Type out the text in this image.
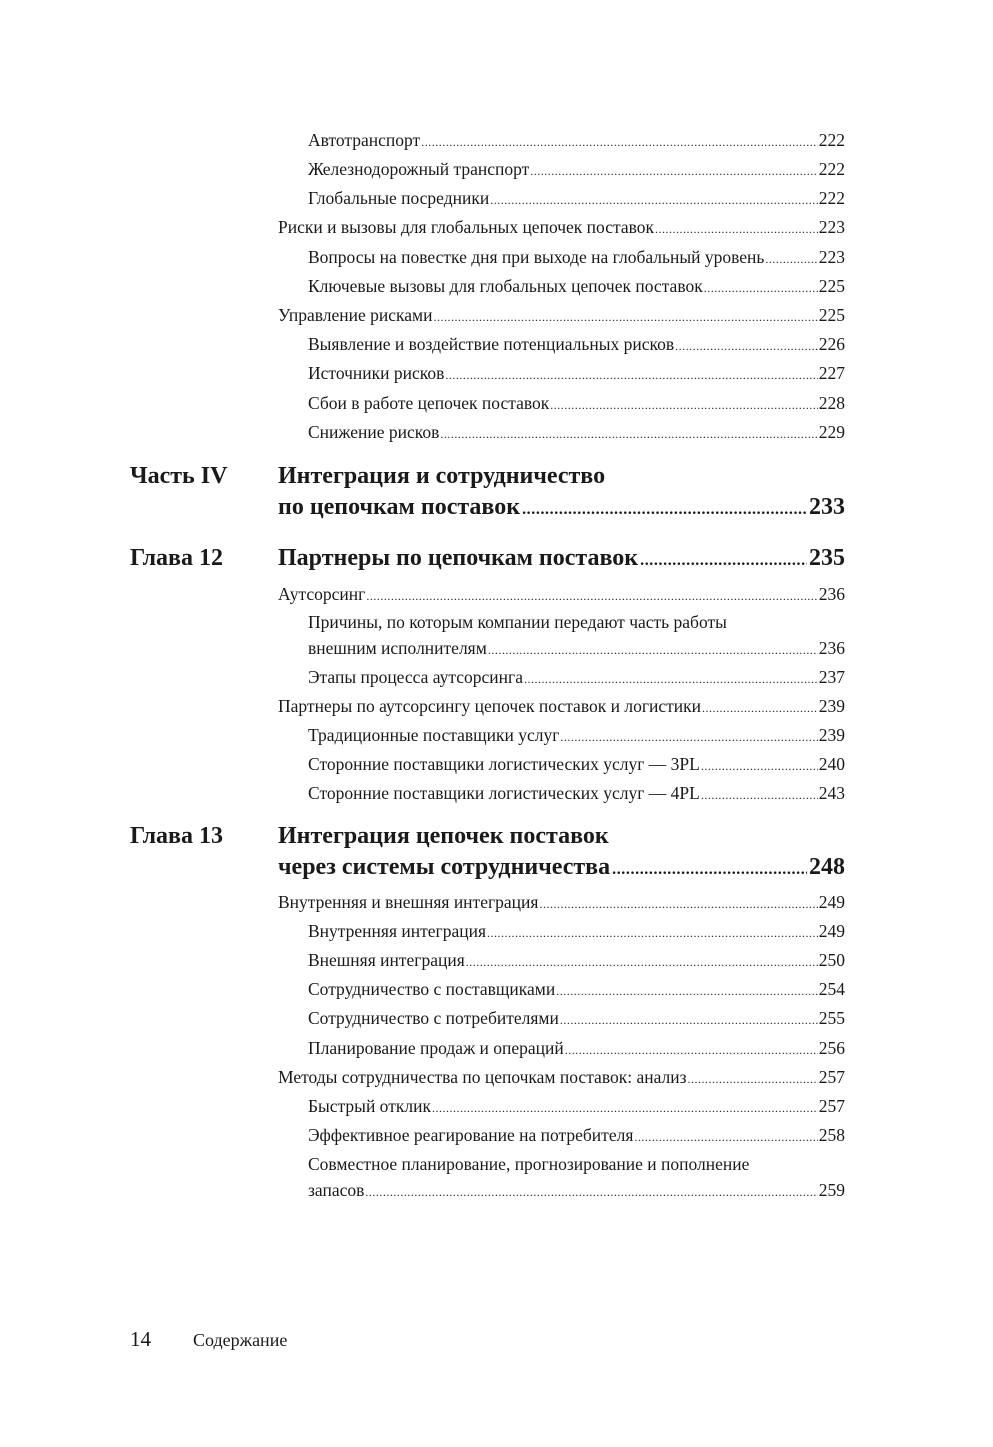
Автотранспорт .....	222
Железнодорожный транспорт .....	222
Глобальные посредники .....	222
Риски и вызовы для глобальных цепочек поставок .....	223
Вопросы на повестке дня при выходе на глобальный уровень .....	223
Ключевые вызовы для глобальных цепочек поставок .....	225
Управление рисками .....	225
Выявление и воздействие потенциальных рисков .....	226
Источники рисков .....	227
Сбои в работе цепочек поставок .....	228
Снижение рисков .....	229
Часть IV Интеграция и сотрудничество
по цепочкам поставок .....	233
Глава 12 Партнеры по цепочкам поставок .....	235
Аутсорсинг .....	236
Причины, по которым компании передают часть работы
внешним исполнителям .....	236
Этапы процесса аутсорсинга .....	237
Партнеры по аутсорсингу цепочек поставок и логистики .....	239
Традиционные поставщики услуг .....	239
Сторонние поставщики логистических услуг — 3PL .....	240
Сторонние поставщики логистических услуг — 4PL .....	243
Глава 13 Интеграция цепочек поставок
через системы сотрудничества .....	248
Внутренняя и внешняя интеграция .....	249
Внутренняя интеграция .....	249
Внешняя интеграция .....	250
Сотрудничество с поставщиками .....	254
Сотрудничество с потребителями .....	255
Планирование продаж и операций .....	256
Методы сотрудничества по цепочкам поставок: анализ .....	257
Быстрый отклик .....	257
Эффективное реагирование на потребителя .....	258
Совместное планирование, прогнозирование и пополнение
запасов .....	259
14 Содержание
